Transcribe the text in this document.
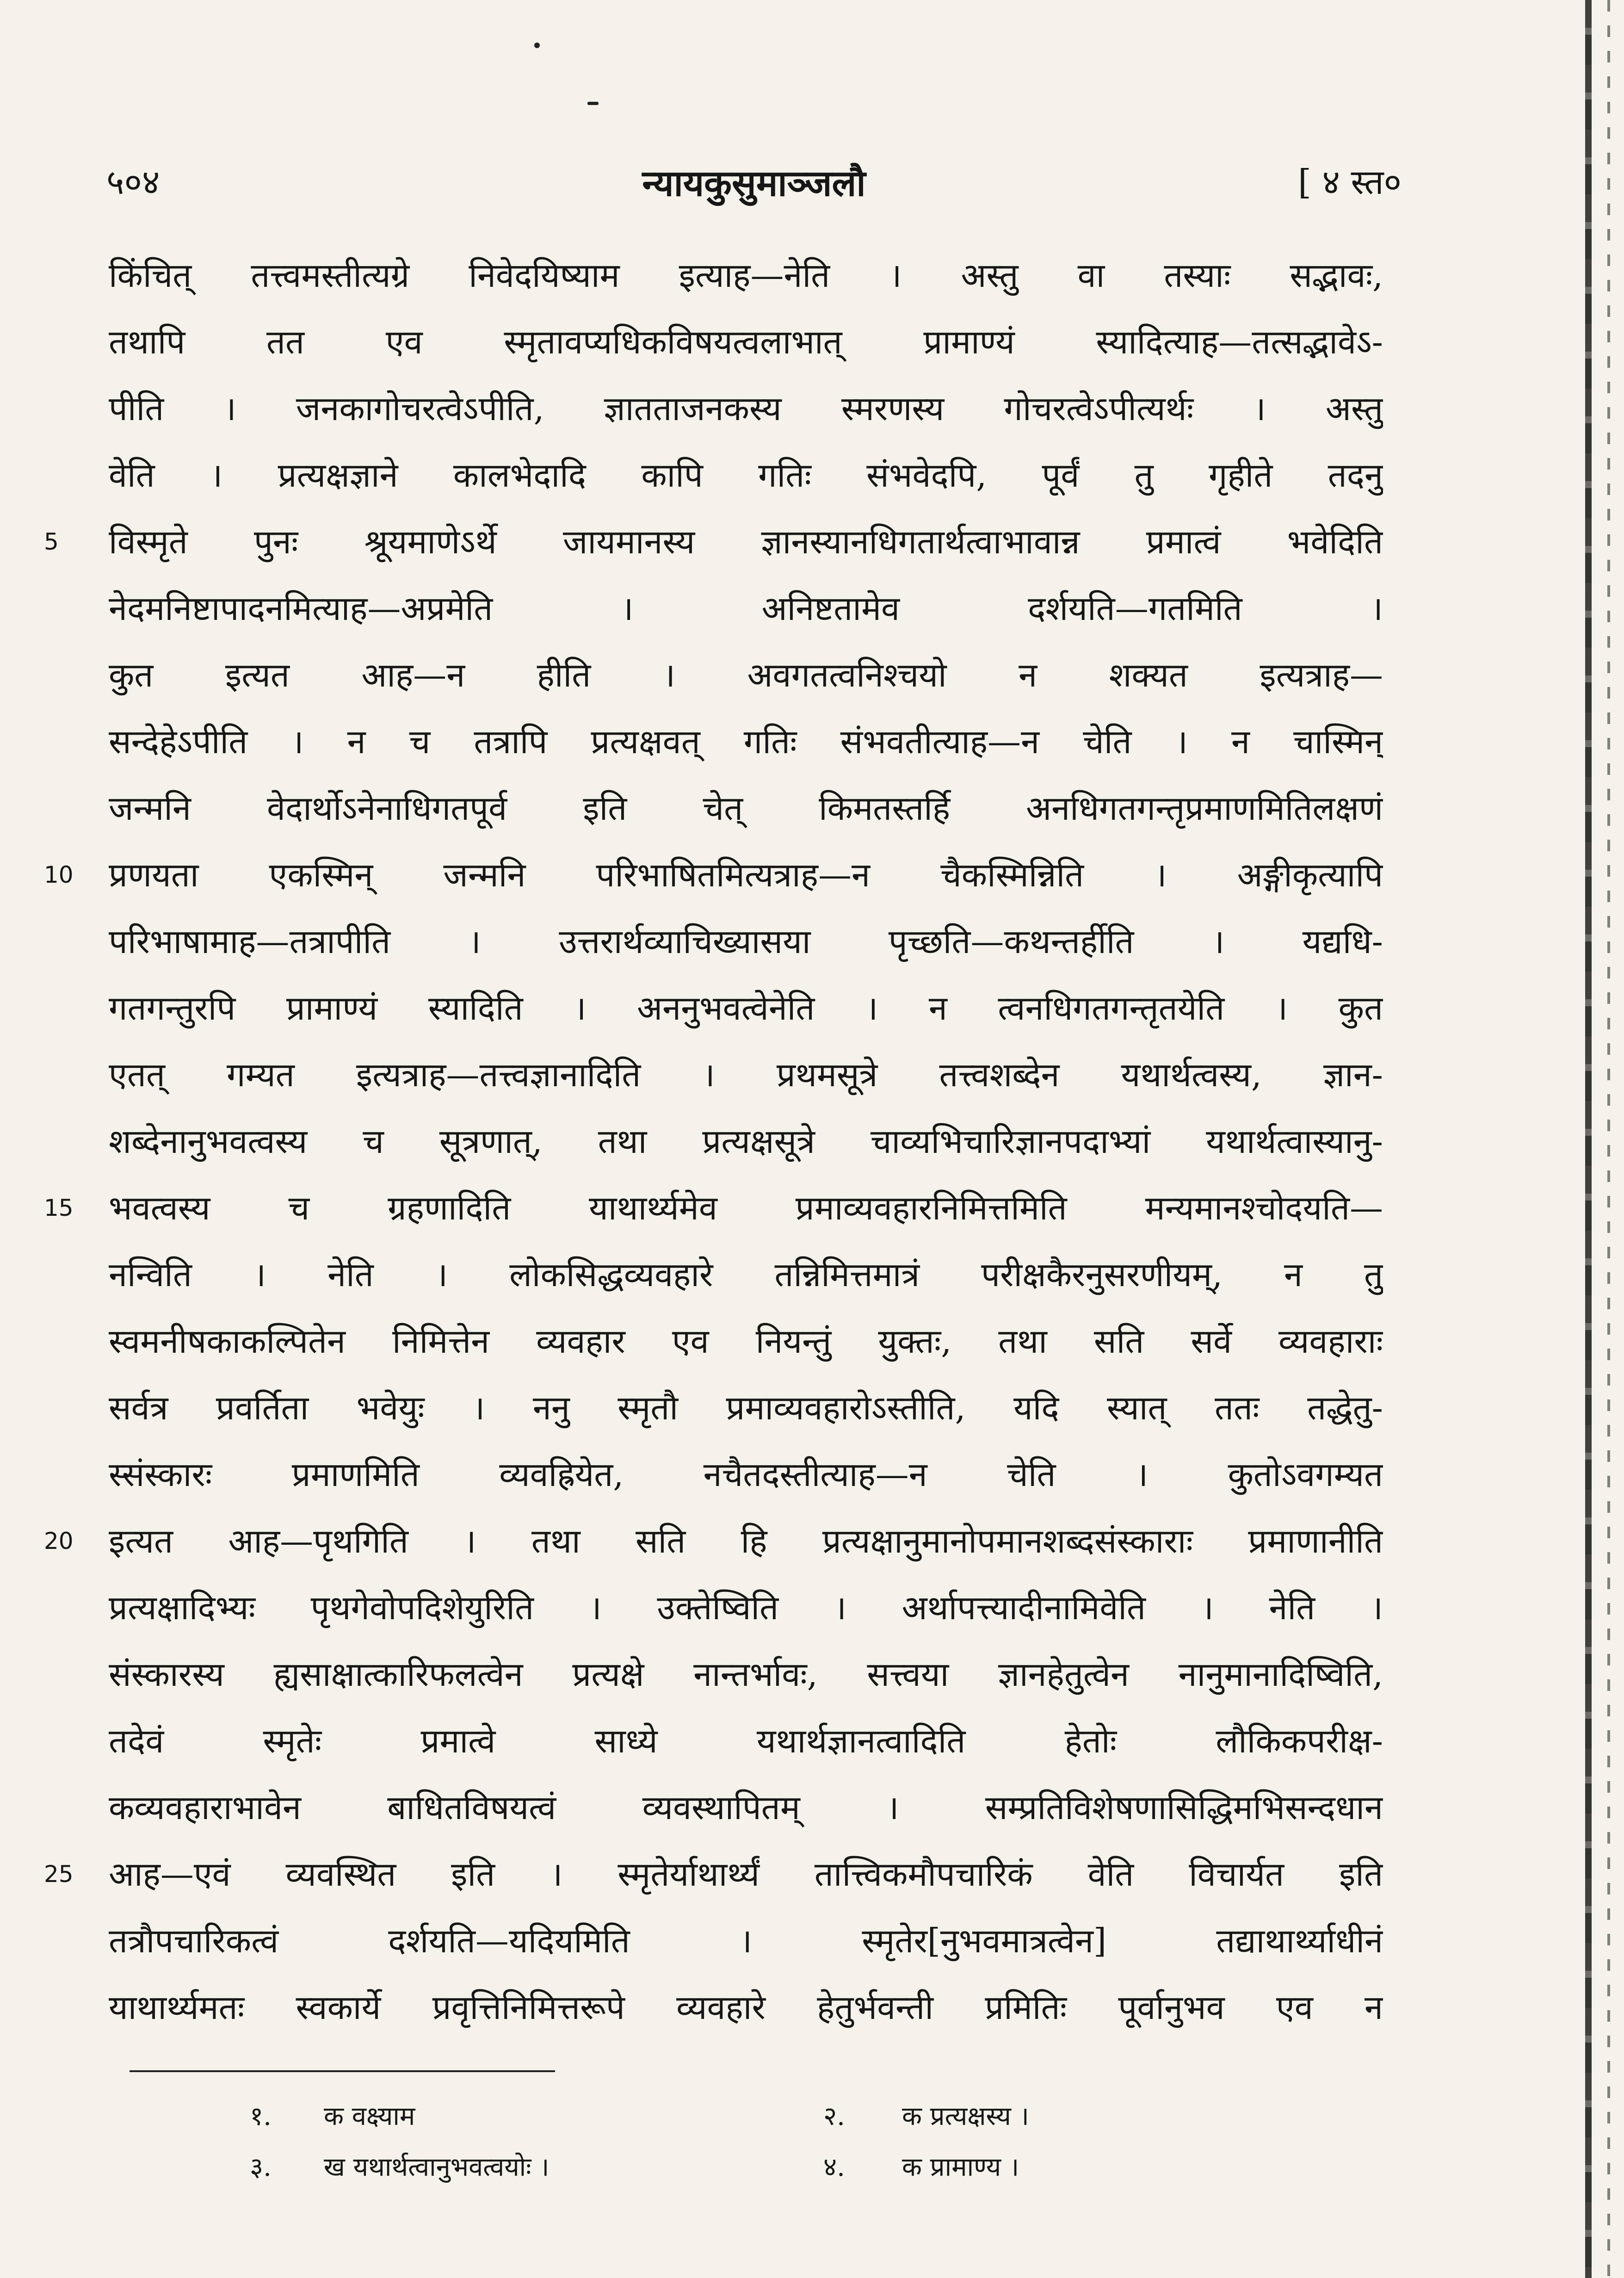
५०४	न्यायकुसुमाञ्जलौ	[ ४ स्त०
किंचित् तत्त्वमस्तीत्यग्रे निवेदयिष्याम इत्याह—नेति । अस्तु वा तस्याः सद्भावः,
तथापि तत एव स्मृतावप्यधिकविषयत्वलाभात् प्रामाण्यं स्यादित्याह—तत्सद्भावेऽ-
पीति । जनकागोचरत्वेऽपीति, ज्ञातताजनकस्य स्मरणस्य गोचरत्वेऽपीत्यर्थः । अस्तु
वेति । प्रत्यक्षज्ञाने कालभेदादि कापि गतिः संभवेदपि, पूर्वं तु गृहीते तदनु
5	विस्मृते पुनः श्रूयमाणेऽर्थे जायमानस्य ज्ञानस्यानधिगतार्थत्वाभावान्न प्रमात्वं भवेदिति
नेदमनिष्टापादनमित्याह—अप्रमेति । अनिष्टतामेव दर्शयति—गतमिति ।
कुत इत्यत आह—न हीति । अवगतत्वनिश्चयो न शक्यत इत्यत्राह—
सन्देहेऽपीति । न च तत्रापि प्रत्यक्षवत् गतिः संभवतीत्याह—न चेति । न चास्मिन्
जन्मनि वेदार्थोऽनेनाधिगतपूर्व इति चेत् किमतस्तर्हि अनधिगतगन्तृप्रमाणमितिलक्षणं
10	प्रणयता एकस्मिन् जन्मनि परिभाषितमित्यत्राह—न चैकस्मिन्निति । अङ्गीकृत्यापि
परिभाषामाह—तत्रापीति । उत्तरार्थव्याचिख्यासया पृच्छति—कथन्तर्हीति । यद्यधि-
गतगन्तुरपि प्रामाण्यं स्यादिति । अननुभवत्वेनेति । न त्वनधिगतगन्तृतयेति । कुत
एतत् गम्यत इत्यत्राह—तत्त्वज्ञानादिति । प्रथमसूत्रे तत्त्वशब्देन यथार्थत्वस्य, ज्ञान-
शब्देनानुभवत्वस्य च सूत्रणात्, तथा प्रत्यक्षसूत्रे चाव्यभिचारिज्ञानपदाभ्यां यथार्थत्वास्यानु-
15	भवत्वस्य च ग्रहणादिति याथार्थ्यमेव प्रमाव्यवहारनिमित्तमिति मन्यमानश्चोदयति—
नन्विति । नेति । लोकसिद्धव्यवहारे तन्निमित्तमात्रं परीक्षकैरनुसरणीयम्, न तु
स्वमनीषकाकल्पितेन निमित्तेन व्यवहार एव नियन्तुं युक्तः, तथा सति सर्वे व्यवहाराः
सर्वत्र प्रवर्तिता भवेयुः । ननु स्मृतौ प्रमाव्यवहारोऽस्तीति, यदि स्यात् ततः तद्धेतु-
स्संस्कारः प्रमाणमिति व्यवह्रियेत, नचैतदस्तीत्याह—न चेति । कुतोऽवगम्यत
20	इत्यत आह—पृथगिति । तथा सति हि प्रत्यक्षानुमानोपमानशब्दसंस्काराः प्रमाणानीति
प्रत्यक्षादिभ्यः पृथगेवोपदिशेयुरिति । उक्तेष्विति । अर्थापत्त्यादीनामिवेति । नेति ।
संस्कारस्य ह्यसाक्षात्कारिफलत्वेन प्रत्यक्षे नान्तर्भावः, सत्त्वया ज्ञानहेतुत्वेन नानुमानादिष्विति,
तदेवं स्मृतेः प्रमात्वे साध्ये यथार्थज्ञानत्वादिति हेतोः लौकिकपरीक्ष-
कव्यवहाराभावेन बाधितविषयत्वं व्यवस्थापितम् । सम्प्रतिविशेषणासिद्धिमभिसन्दधान
25	आह—एवं व्यवस्थित इति । स्मृतेर्याथार्थ्यं तात्त्विकमौपचारिकं वेति विचार्यत इति
तत्रौपचारिकत्वं दर्शयति—यदियमिति । स्मृतेर[नुभवमात्रत्वेन] तद्याथार्थ्याधीनं
याथार्थ्यमतः स्वकार्ये प्रवृत्तिनिमित्तरूपे व्यवहारे हेतुर्भवन्ती प्रमितिः पूर्वानुभव एव न
१. क वक्ष्याम	२. क प्रत्यक्षस्य ।
३. ख यथार्थत्वानुभवत्वयोः ।	४. क प्रामाण्य ।
